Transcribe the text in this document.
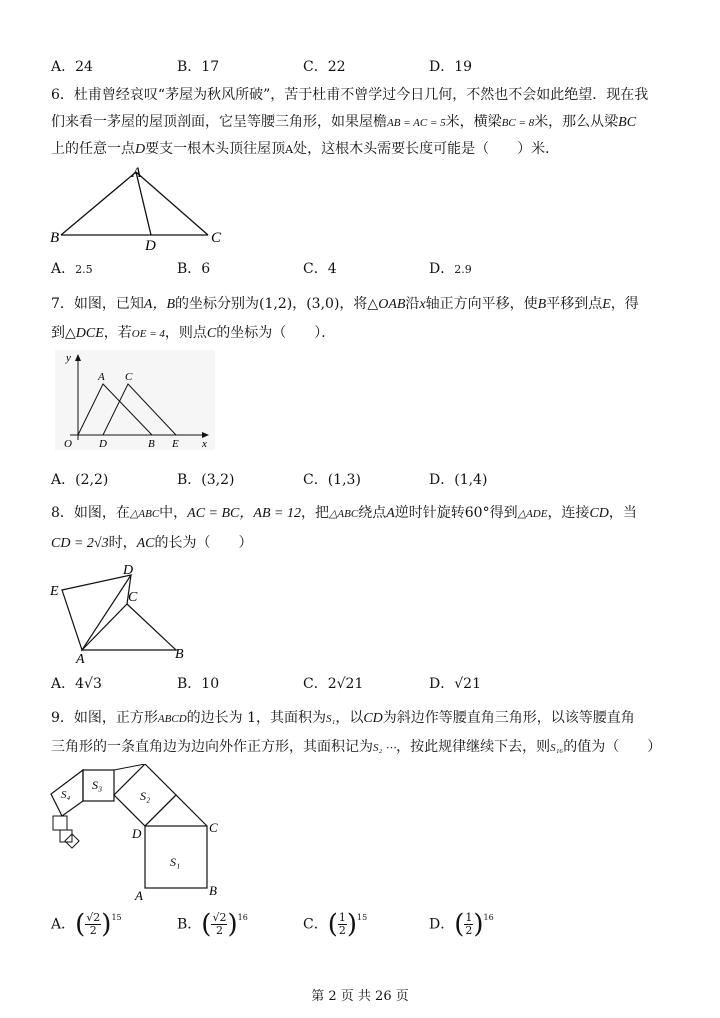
A．24	B．17	C．22	D．19
6．杜甫曾经哀叹“茅屋为秋风所破”，苦于杜甫不曾学过今日几何，不然也不会如此绝望．现在我
们来看一茅屋的屋顶剖面，它呈等腰三角形，如果屋檐AB = AC = 5米，横梁BC = 8米，那么从梁BC
上的任意一点D要支一根木头顶往屋顶A处，这根木头需要长度可能是（　　）米．
A
B	C
D
A．2.5	B．6	C．4	D．2.9
7．如图，已知A，B的坐标分别为(1,2)，(3,0)，将△OAB沿x轴正方向平移，使B平移到点E，得
到△DCE，若OE = 4，则点C的坐标为（　　）．
y
x
O
A C
D	B E
A．(2,2)	B．(3,2)	C．(1,3)	D．(1,4)
8．如图，在△ABC中，AC = BC，AB = 12，把△ABC绕点A逆时针旋转60°得到△ADE，连接CD，当
CD = 2√3时，AC的长为（　　）
D
E	C
A	B
A．4√3	B．10	C．2√21	D．√21
9．如图，正方形ABCD的边长为 1，其面积为S₁，以CD为斜边作等腰直角三角形，以该等腰直角
三角形的一条直角边为边向外作正方形，其面积记为S₂ ⋯，按此规律继续下去，则S₁₆的值为（　　）
S₁
S₂
S₃
S₄
A	B
C
D
A．( $\frac{√2}{2} )^{15}$	B．( $\frac{√2}{2} )^{16}$	C．( $\frac{1}{2} )^{15}$	D．( $\frac{1}{2} )^{16}$
第 2 页 共 26 页
